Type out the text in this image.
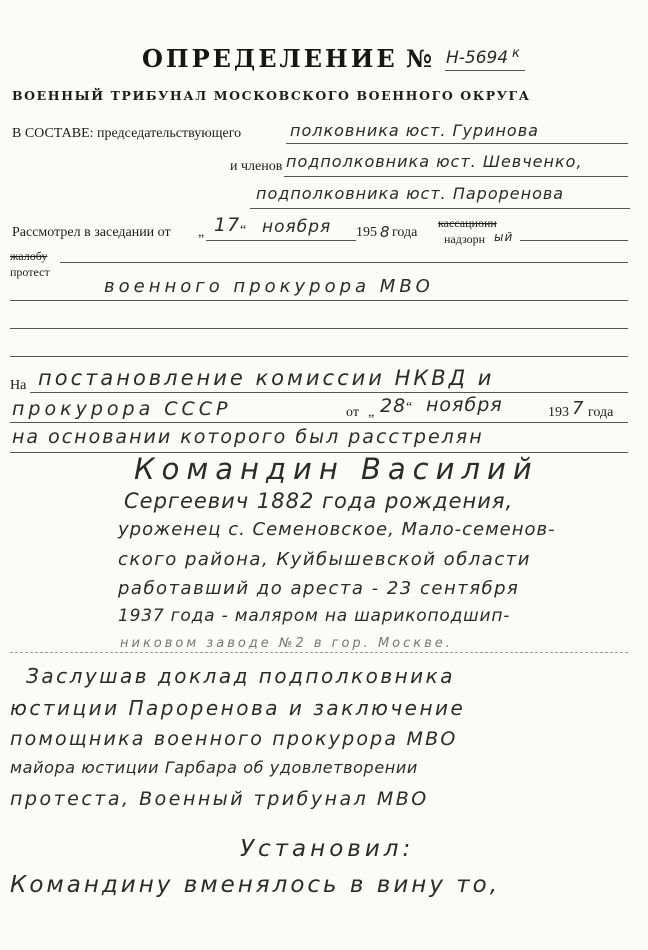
ОПРЕДЕЛЕНИЕ № Н-5694 к
ВОЕННЫЙ ТРИБУНАЛ МОСКОВСКОГО ВОЕННОГО ОКРУГА
В СОСТАВЕ: председательствующего	полковника юст. Гуринова
и членов подполковника юст. Шевченко,
подполковника юст. Пароренова
Рассмотрел в заседании от „ 17 “ ноября 195 8 года
кассационн
надзорн ый
жалобу
протест
военного прокурора МВО
На постановление комиссии НКВД и
прокурора СССР	от „ 28 “ ноября	193 7 года
на основании которого был расстрелян
Командин Василий
Сергеевич 1882 года рождения,
уроженец с. Семеновское, Мало-семенов-
ского района, Куйбышевской области
работавший до ареста - 23 сентября
1937 года - маляром на шарикоподшип-
никовом заводе №2 в гор. Москве.
Заслушав доклад подполковника
юстиции Пароренова и заключение
помощника военного прокурора МВО
майора юстиции Гарбара об удовлетворении
протеста, Военный трибунал МВО
Установил:
Командину вменялось в вину то,
